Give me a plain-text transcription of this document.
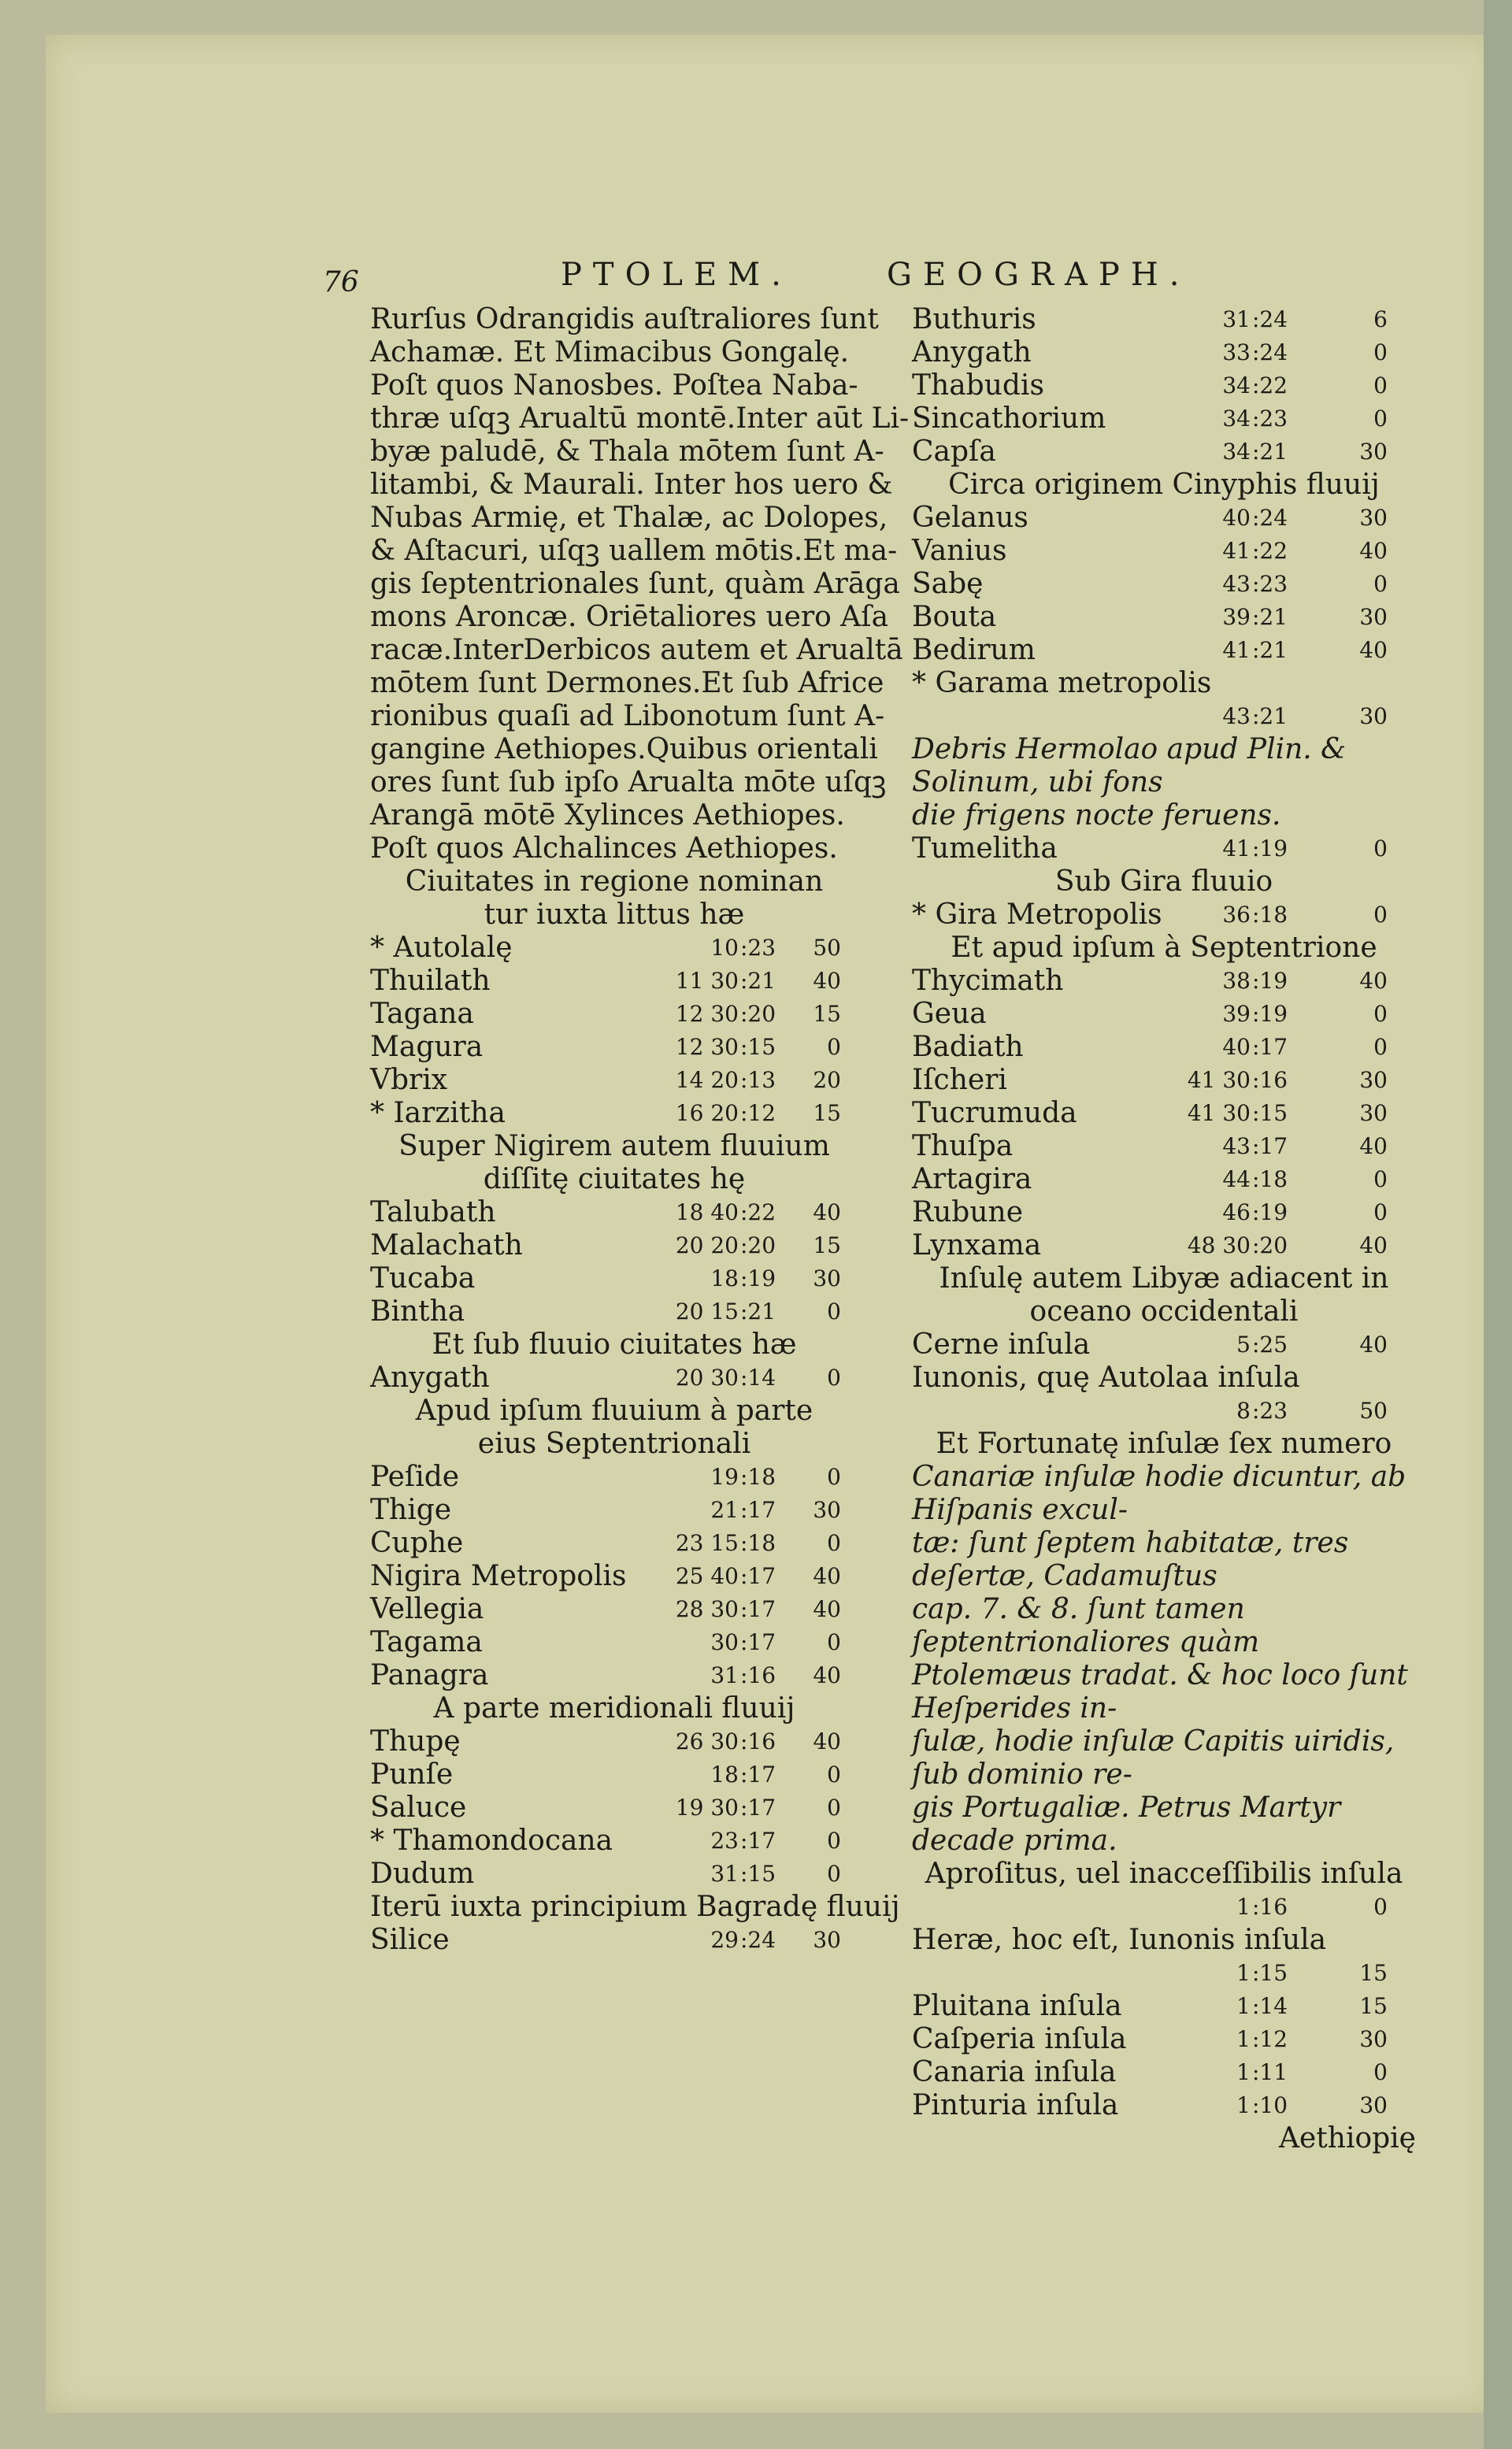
76	PTOLEM.	GEOGRAPH.
Rurſus Odrangidis auſtraliores ſunt
Achamæ. Et Mimacibus Gongalę.
Poſt quos Nanosbes. Poſtea Naba-
thræ uſqꝫ Arualtū montē.Inter aūt Li-
byæ paludē, & Thala mōtem ſunt A-
litambi, & Maurali. Inter hos uero &
Nubas Armię, et Thalæ, ac Dolopes,
& Aſtacuri, uſqꝫ uallem mōtis.Et ma-
gis ſeptentrionales ſunt, quàm Arāga
mons Aroncæ. Oriētaliores uero Aſa
racæ.InterDerbicos autem et Arualtā
mōtem ſunt Dermones.Et ſub Africe
rionibus quaſi ad Libonotum ſunt A-
gangine Aethiopes.Quibus orientali
ores ſunt ſub ipſo Arualta mōte uſqꝫ
Arangā mōtē Xylinces Aethiopes.
Poſt quos Alchalinces Aethiopes.
Ciuitates in regione nominan
tur iuxta littus hæ
* Autolalę	10 :23	50
Thuilath	11 30 :21	40
Tagana	12 30 :20	15
Magura	12 30 :15	0
Vbrix	14 20 :13	20
* Iarzitha	16 20 :12	15
Super Nigirem autem fluuium
diſſitę ciuitates hę
Talubath	18 40 :22	40
Malachath	20 20 :20	15
Tucaba	18 :19	30
Bintha	20 15 :21	0
Et ſub fluuio ciuitates hæ
Anygath	20 30 :14	0
Apud ipſum fluuium à parte
eius Septentrionali
Peſide	19 :18	0
Thige	21 :17	30
Cuphe	23 15 :18	0
Nigira Metropolis	25 40 :17	40
Vellegia	28 30 :17	40
Tagama	30 :17	0
Panagra	31 :16	40
A parte meridionali fluuij
Thupę	26 30 :16	40
Punſe	18 :17	0
Saluce	19 30 :17	0
* Thamondocana	23 :17	0
Dudum	31 :15	0
Iterū iuxta principium Bagradę fluuij
Silice	29 :24	30
Buthuris	31 :24	6
Anygath	33 :24	0
Thabudis	34 :22	0
Sincathorium	34 :23	0
Capſa	34 :21	30
Circa originem Cinyphis fluuij
Gelanus	40 :24	30
Vanius	41 :22	40
Sabę	43 :23	0
Bouta	39 :21	30
Bedirum	41 :21	40
* Garama metropolis
43 :21	30
Debris Hermolao apud Plin. & Solinum, ubi fons
die frigens nocte feruens.
Tumelitha	41 :19	0
Sub Gira fluuio
* Gira Metropolis	36 :18	0
Et apud ipſum à Septentrione
Thycimath	38 :19	40
Geua	39 :19	0
Badiath	40 :17	0
Iſcheri	41 30 :16	30
Tucrumuda	41 30 :15	30
Thuſpa	43 :17	40
Artagira	44 :18	0
Rubune	46 :19	0
Lynxama	48 30 :20	40
Inſulę autem Libyæ adiacent in
oceano occidentali
Cerne inſula	5 :25	40
Iunonis, quę Autolaa inſula
8 :23	50
Et Fortunatę inſulæ ſex numero
Canariæ inſulæ hodie dicuntur, ab Hiſpanis excul-
tæ: ſunt ſeptem habitatæ, tres deſertæ, Cadamuſtus
cap. 7. & 8. ſunt tamen ſeptentrionaliores quàm
Ptolemæus tradat. & hoc loco ſunt Heſperides in-
ſulæ, hodie inſulæ Capitis uiridis, ſub dominio re-
gis Portugaliæ. Petrus Martyr decade prima.
Aproſitus, uel inacceſſibilis inſula
1 :16	0
Heræ, hoc eſt, Iunonis inſula
1 :15	15
Pluitana inſula	1 :14	15
Caſperia inſula	1 :12	30
Canaria inſula	1 :11	0
Pinturia inſula	1 :10	30
Aethiopię
